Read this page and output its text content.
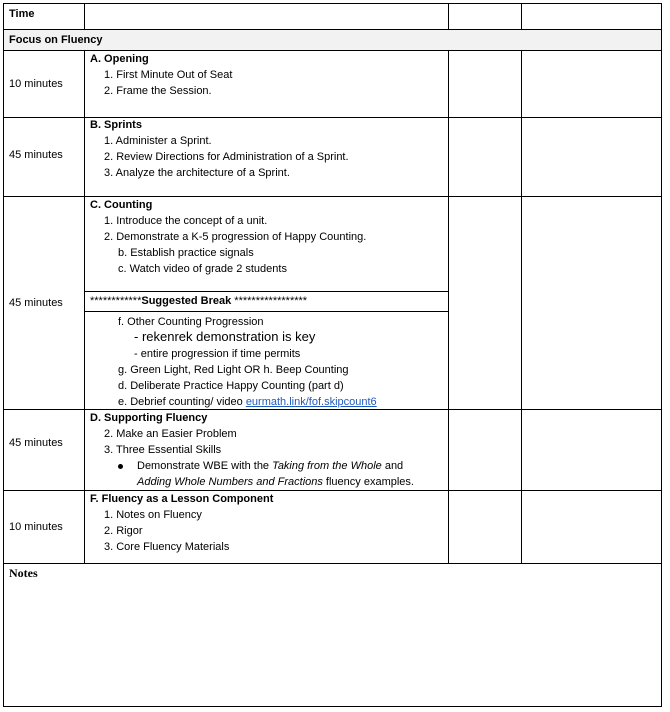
Time
Focus on Fluency
10 minutes
A. Opening
1. First Minute Out of Seat
2. Frame the Session.
45 minutes
B. Sprints
1. Administer a Sprint.
2. Review Directions for Administration of a Sprint.
3. Analyze the architecture of a Sprint.
45 minutes
C. Counting
1. Introduce the concept of a unit.
2. Demonstrate a K-5 progression of Happy Counting.
b. Establish practice signals
c. Watch video of grade 2 students
************Suggested Break *****************
f. Other Counting Progression
- rekenrek demonstration is key
- entire progression if time permits
g. Green Light, Red Light OR h. Beep Counting
d. Deliberate Practice Happy Counting (part d)
e. Debrief counting/ video eurmath.link/fof.skipcount6
45 minutes
D. Supporting Fluency
2. Make an Easier Problem
3. Three Essential Skills
Demonstrate WBE with the Taking from the Whole and
Adding Whole Numbers and Fractions fluency examples.
10 minutes
F. Fluency as a Lesson Component
1. Notes on Fluency
2. Rigor
3. Core Fluency Materials
Notes
